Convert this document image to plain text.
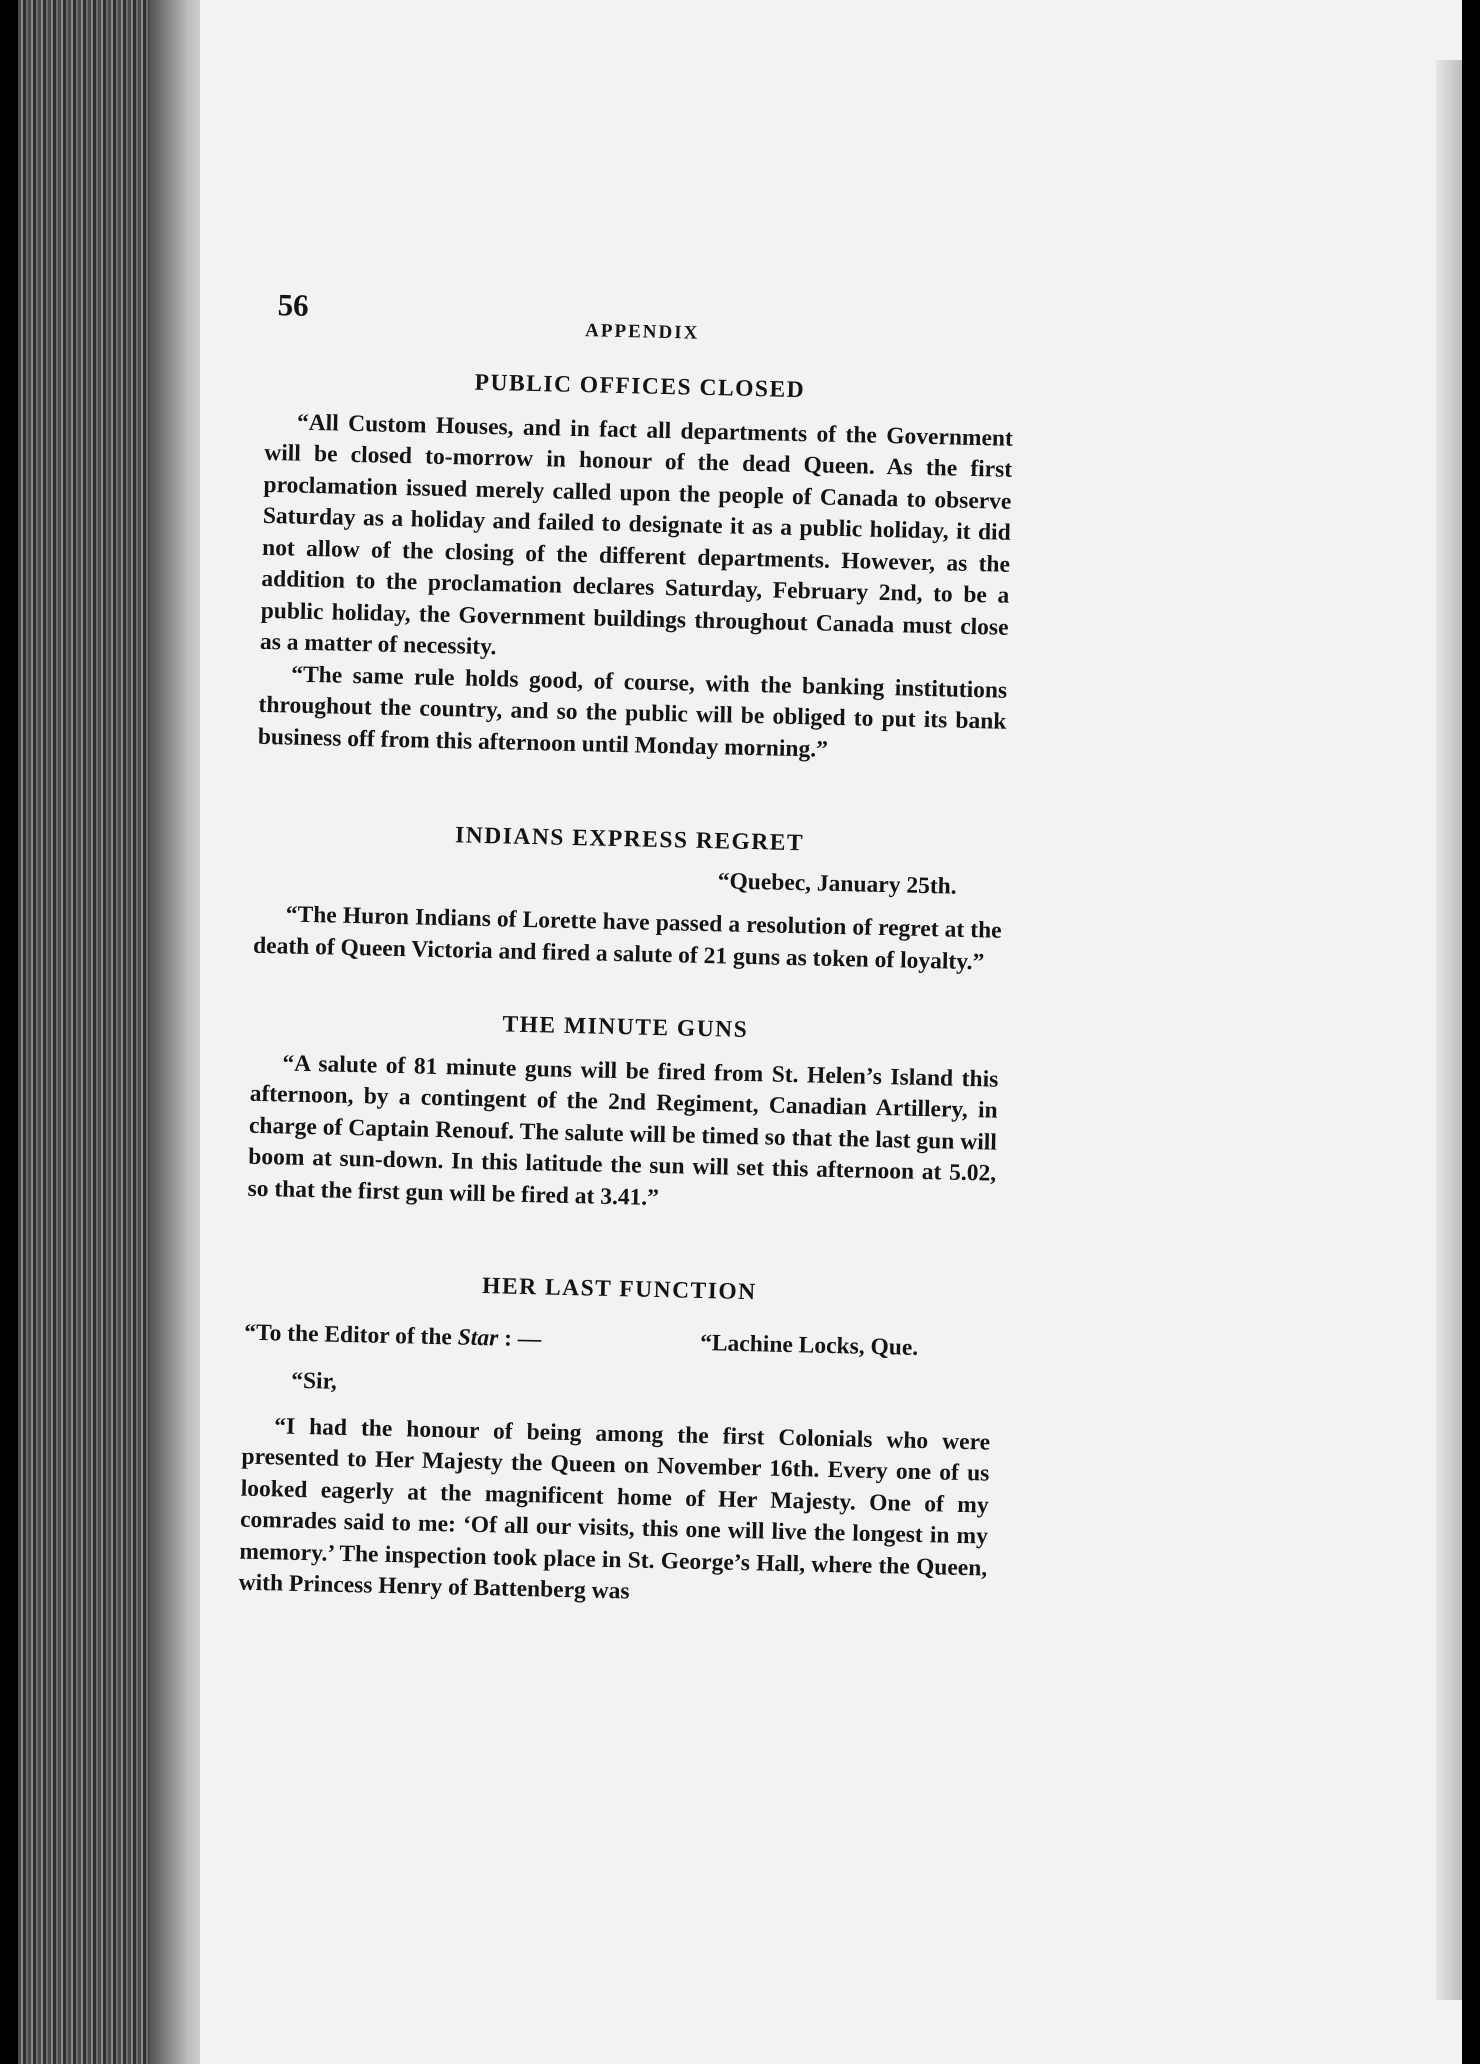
56
APPENDIX
PUBLIC OFFICES CLOSED

“All Custom Houses, and in fact all departments of the Government will be closed to-morrow in honour of the dead Queen. As the first proclamation issued merely called upon the people of Canada to observe Saturday as a holiday and failed to designate it as a public holiday, it did not allow of the closing of the different departments. However, as the addition to the proclamation declares Saturday, February 2nd, to be a public holiday, the Government buildings throughout Canada must close as a matter of necessity.

“The same rule holds good, of course, with the banking institutions throughout the country, and so the public will be obliged to put its bank business off from this afternoon until Monday morning.”

INDIANS EXPRESS REGRET
“Quebec, January 25th.

“The Huron Indians of Lorette have passed a resolution of regret at the death of Queen Victoria and fired a salute of 21 guns as token of loyalty.”

THE MINUTE GUNS

“A salute of 81 minute guns will be fired from St. Helen’s Island this afternoon, by a contingent of the 2nd Regiment, Canadian Artillery, in charge of Captain Renouf. The salute will be timed so that the last gun will boom at sun-down. In this latitude the sun will set this afternoon at 5.02, so that the first gun will be fired at 3.41.”

HER LAST FUNCTION
“To the Editor of the Star : —	“Lachine Locks, Que.

“Sir,

“I had the honour of being among the first Colonials who were presented to Her Majesty the Queen on November 16th. Every one of us looked eagerly at the magnificent home of Her Majesty. One of my comrades said to me: ‘Of all our visits, this one will live the longest in my memory.’ The inspection took place in St. George’s Hall, where the Queen, with Princess Henry of Battenberg was
